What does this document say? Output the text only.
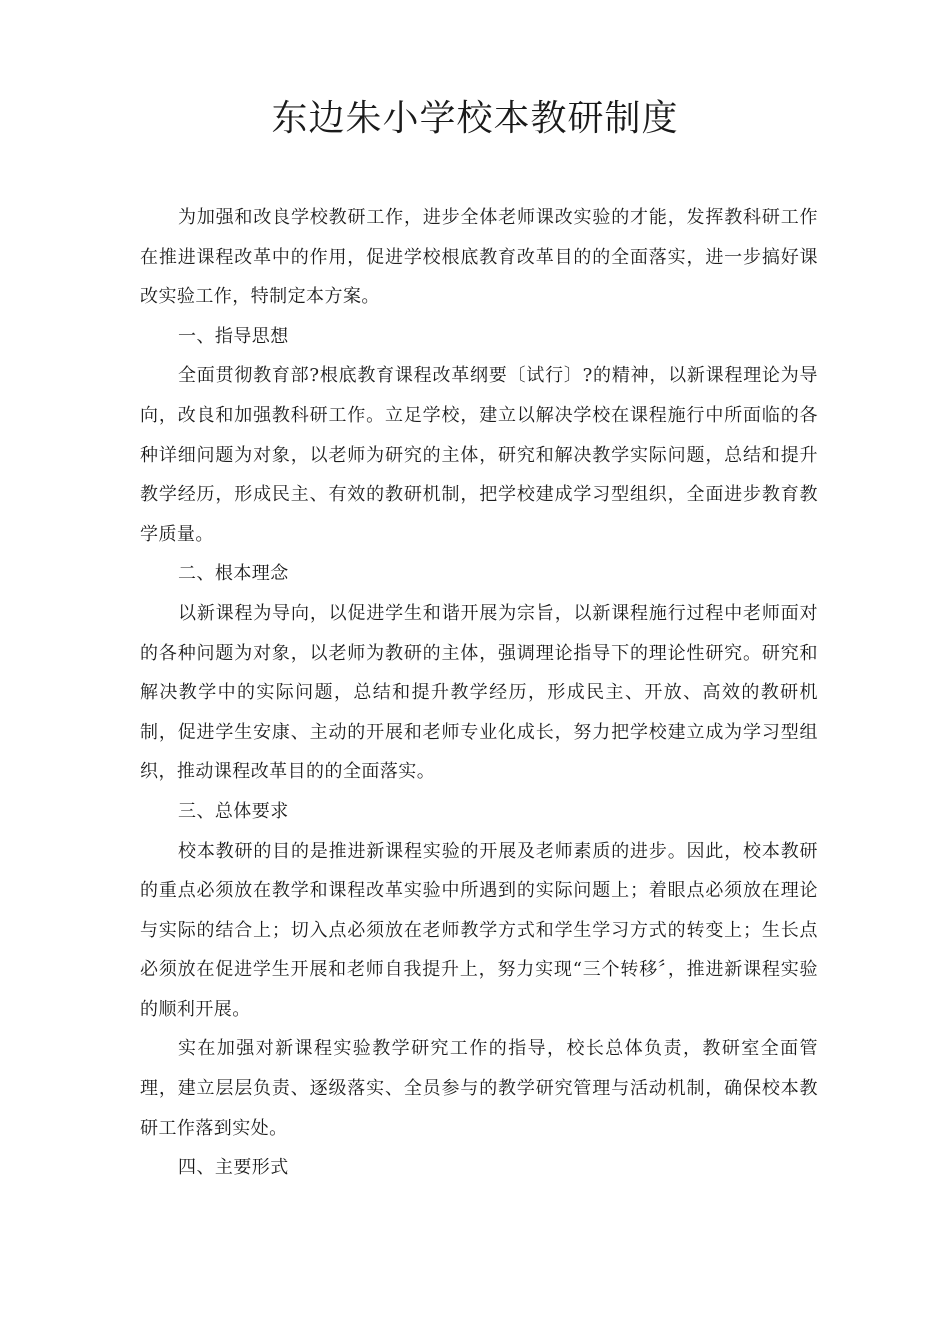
东边朱小学校本教研制度

为加强和改良学校教研工作，进步全体老师课改实验的才能，发挥教科研工作在推进课程改革中的作用，促进学校根底教育改革目的的全面落实，进一步搞好课改实验工作，特制定本方案。

一、指导思想

全面贯彻教育部?根底教育课程改革纲要〔试行〕?的精神，以新课程理论为导向，改良和加强教科研工作。立足学校，建立以解决学校在课程施行中所面临的各种详细问题为对象，以老师为研究的主体，研究和解决教学实际问题，总结和提升教学经历，形成民主、有效的教研机制，把学校建成学习型组织，全面进步教育教学质量。

二、根本理念

以新课程为导向，以促进学生和谐开展为宗旨，以新课程施行过程中老师面对的各种问题为对象，以老师为教研的主体，强调理论指导下的理论性研究。研究和解决教学中的实际问题，总结和提升教学经历，形成民主、开放、高效的教研机制，促进学生安康、主动的开展和老师专业化成长，努力把学校建立成为学习型组织，推动课程改革目的的全面落实。

三、总体要求

校本教研的目的是推进新课程实验的开展及老师素质的进步。因此，校本教研的重点必须放在教学和课程改革实验中所遇到的实际问题上；着眼点必须放在理论与实际的结合上；切入点必须放在老师教学方式和学生学习方式的转变上；生长点必须放在促进学生开展和老师自我提升上，努力实现“三个转移〞，推进新课程实验的顺利开展。

实在加强对新课程实验教学研究工作的指导，校长总体负责，教研室全面管理，建立层层负责、逐级落实、全员参与的教学研究管理与活动机制，确保校本教研工作落到实处。

四、主要形式
